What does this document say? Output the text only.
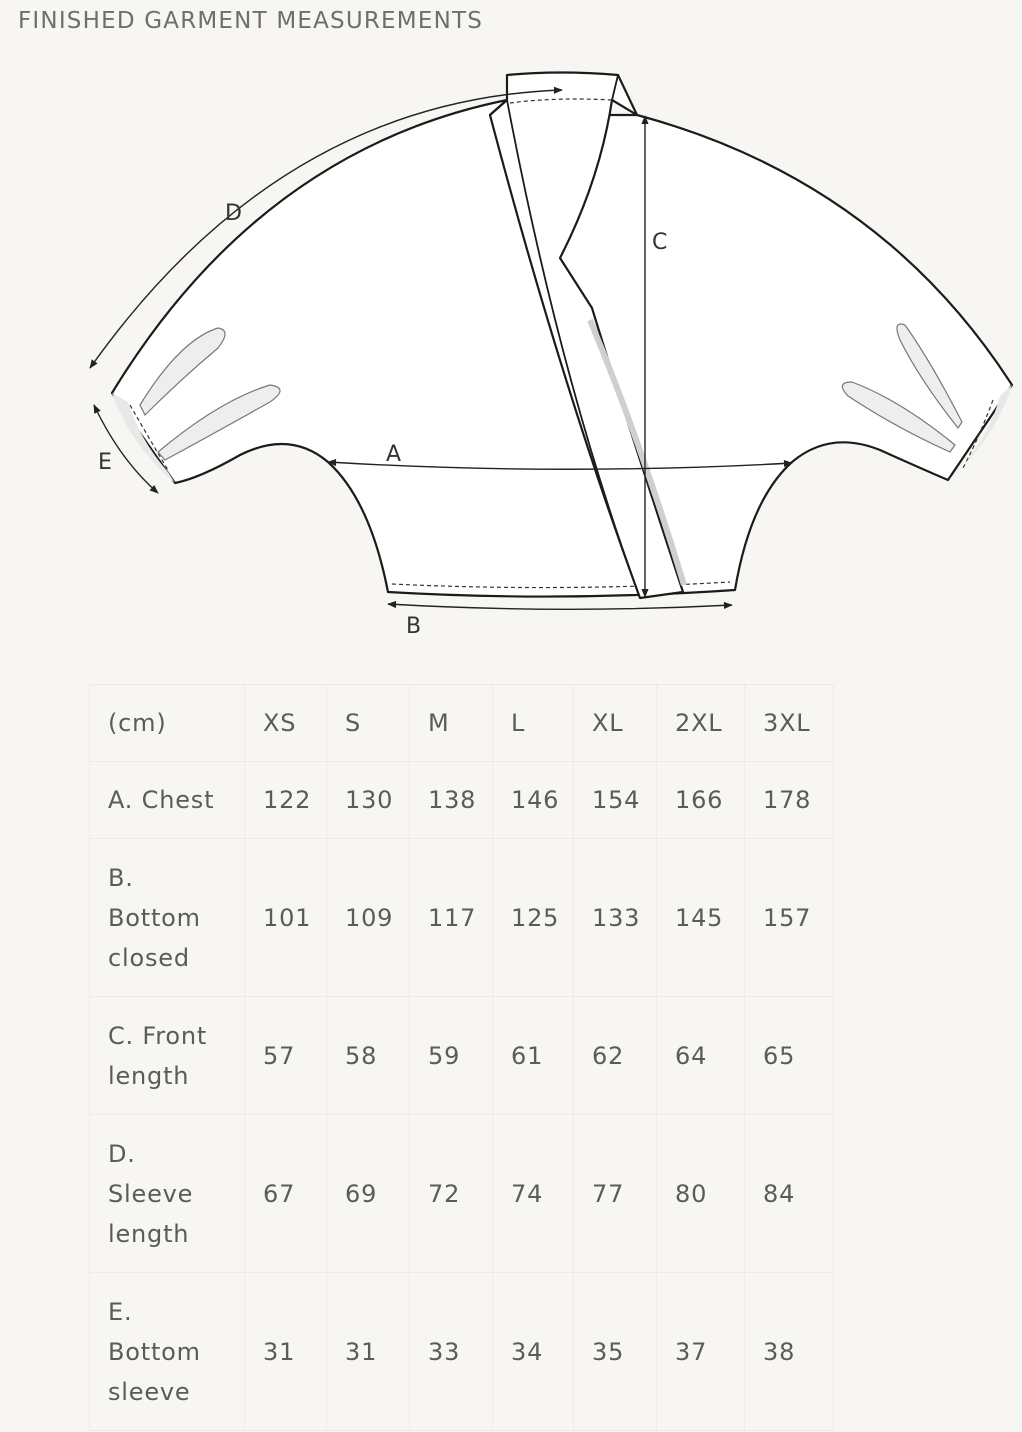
FINISHED GARMENT MEASUREMENTS
A
B
C
D
E
(cm)	XS	S	M	L	XL	2XL	3XL
A. Chest	122	130	138	146	154	166	178
B.
Bottom
closed	101	109	117	125	133	145	157
C. Front
length	57	58	59	61	62	64	65
D.
Sleeve
length	67	69	72	74	77	80	84
E.
Bottom
sleeve	31	31	33	34	35	37	38
